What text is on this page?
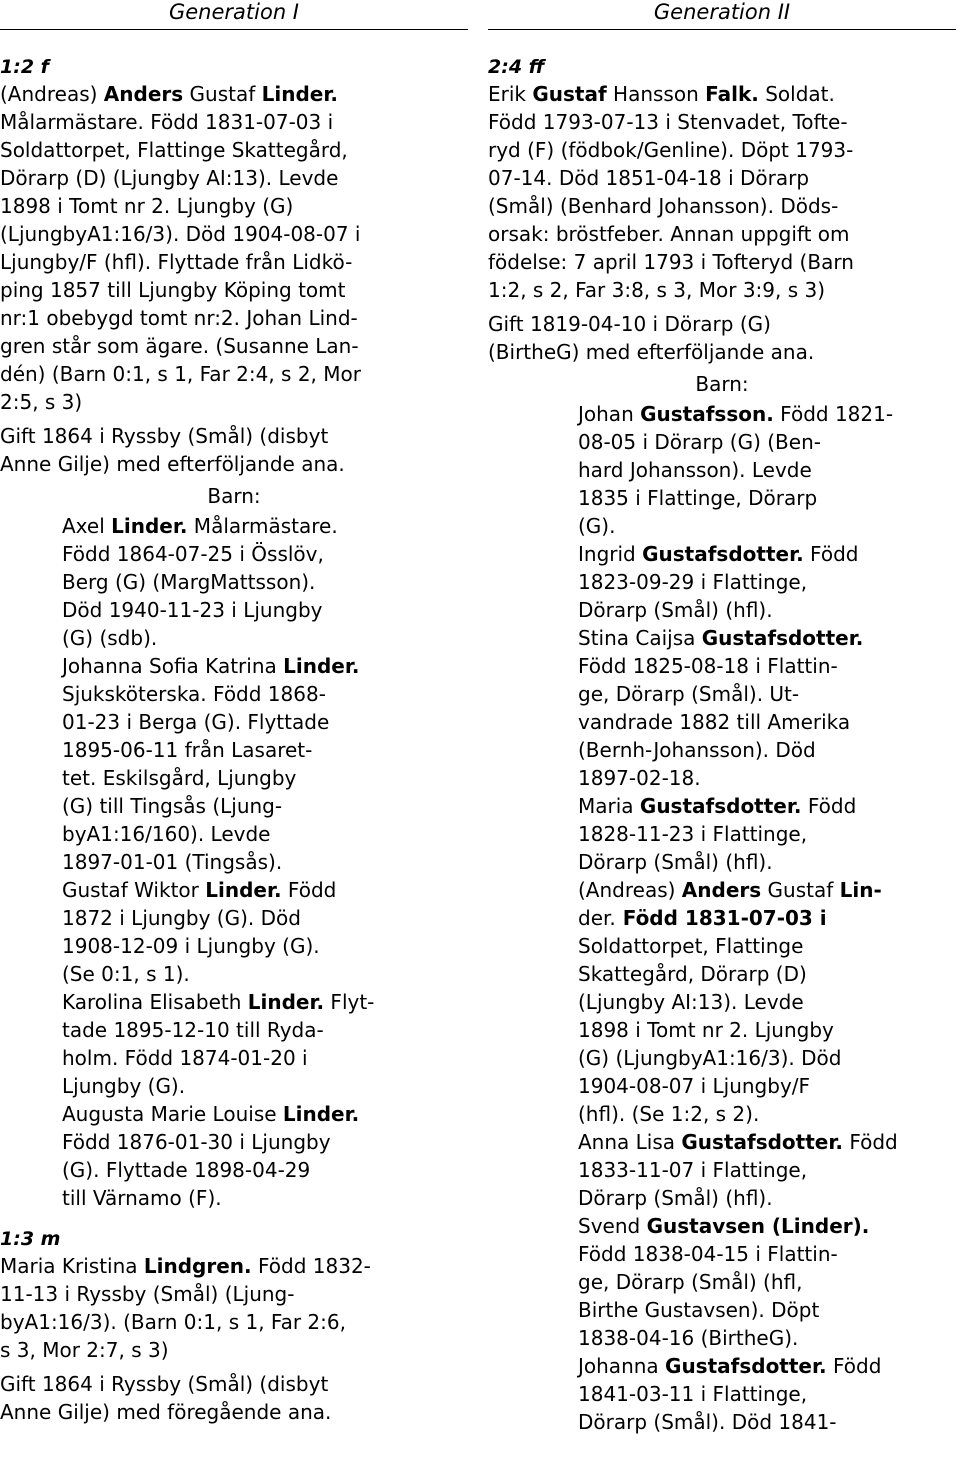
Generation I
1:2 f
(Andreas) Anders Gustaf Linder.
Målarmästare. Född 1831-07-03 i
Soldattorpet, Flattinge Skattegård,
Dörarp (D) (Ljungby AI:13). Levde
1898 i Tomt nr 2. Ljungby (G)
(LjungbyA1:16/3). Död 1904-08-07 i
Ljungby/F (hfl). Flyttade från Lidkö-
ping 1857 till Ljungby Köping tomt
nr:1 obebygd tomt nr:2. Johan Lind-
gren står som ägare. (Susanne Lan-
dén) (Barn 0:1, s 1, Far 2:4, s 2, Mor
2:5, s 3)
Gift 1864 i Ryssby (Smål) (disbyt
Anne Gilje) med efterföljande ana.
Barn:
Axel Linder. Målarmästare.
Född 1864-07-25 i Össlöv,
Berg (G) (MargMattsson).
Död 1940-11-23 i Ljungby
(G) (sdb).
Johanna Sofia Katrina Linder.
Sjuksköterska. Född 1868-
01-23 i Berga (G). Flyttade
1895-06-11 från Lasaret-
tet. Eskilsgård, Ljungby
(G) till Tingsås (Ljung-
byA1:16/160). Levde
1897-01-01 (Tingsås).
Gustaf Wiktor Linder. Född
1872 i Ljungby (G). Död
1908-12-09 i Ljungby (G).
(Se 0:1, s 1).
Karolina Elisabeth Linder. Flyt-
tade 1895-12-10 till Ryda-
holm. Född 1874-01-20 i
Ljungby (G).
Augusta Marie Louise Linder.
Född 1876-01-30 i Ljungby
(G). Flyttade 1898-04-29
till Värnamo (F).
1:3 m
Maria Kristina Lindgren. Född 1832-
11-13 i Ryssby (Smål) (Ljung-
byA1:16/3). (Barn 0:1, s 1, Far 2:6,
s 3, Mor 2:7, s 3)
Gift 1864 i Ryssby (Smål) (disbyt
Anne Gilje) med föregående ana.
Generation II
2:4 ff
Erik Gustaf Hansson Falk. Soldat.
Född 1793-07-13 i Stenvadet, Tofte-
ryd (F) (födbok/Genline). Döpt 1793-
07-14. Död 1851-04-18 i Dörarp
(Smål) (Benhard Johansson). Döds-
orsak: bröstfeber. Annan uppgift om
födelse: 7 april 1793 i Tofteryd (Barn
1:2, s 2, Far 3:8, s 3, Mor 3:9, s 3)
Gift 1819-04-10 i Dörarp (G)
(BirtheG) med efterföljande ana.
Barn:
Johan Gustafsson. Född 1821-
08-05 i Dörarp (G) (Ben-
hard Johansson). Levde
1835 i Flattinge, Dörarp
(G).
Ingrid Gustafsdotter. Född
1823-09-29 i Flattinge,
Dörarp (Smål) (hfl).
Stina Caijsa Gustafsdotter.
Född 1825-08-18 i Flattin-
ge, Dörarp (Smål). Ut-
vandrade 1882 till Amerika
(Bernh-Johansson). Död
1897-02-18.
Maria Gustafsdotter. Född
1828-11-23 i Flattinge,
Dörarp (Smål) (hfl).
(Andreas) Anders Gustaf Lin-
der. Född 1831-07-03 i
Soldattorpet, Flattinge
Skattegård, Dörarp (D)
(Ljungby AI:13). Levde
1898 i Tomt nr 2. Ljungby
(G) (LjungbyA1:16/3). Död
1904-08-07 i Ljungby/F
(hfl). (Se 1:2, s 2).
Anna Lisa Gustafsdotter. Född
1833-11-07 i Flattinge,
Dörarp (Smål) (hfl).
Svend Gustavsen (Linder).
Född 1838-04-15 i Flattin-
ge, Dörarp (Smål) (hfl,
Birthe Gustavsen). Döpt
1838-04-16 (BirtheG).
Johanna Gustafsdotter. Född
1841-03-11 i Flattinge,
Dörarp (Smål). Död 1841-
